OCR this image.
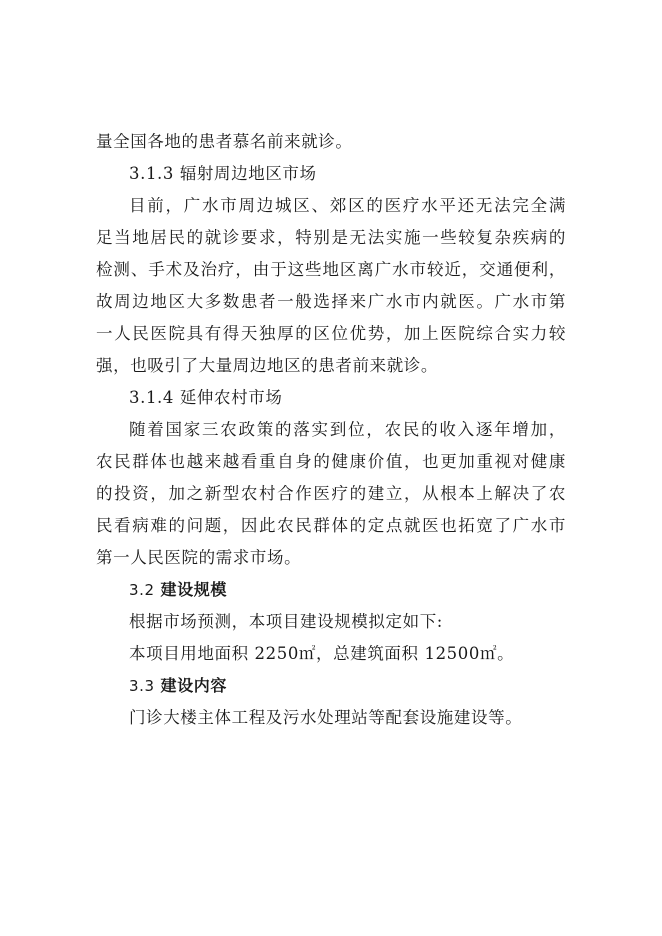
量全国各地的患者慕名前来就诊。
3.1.3 辐射周边地区市场
目前，广水市周边城区、郊区的医疗水平还无法完全满
足当地居民的就诊要求，特别是无法实施一些较复杂疾病的
检测、手术及治疗，由于这些地区离广水市较近，交通便利，
故周边地区大多数患者一般选择来广水市内就医。广水市第
一人民医院具有得天独厚的区位优势，加上医院综合实力较
强，也吸引了大量周边地区的患者前来就诊。
3.1.4 延伸农村市场
随着国家三农政策的落实到位，农民的收入逐年增加，
农民群体也越来越看重自身的健康价值，也更加重视对健康
的投资，加之新型农村合作医疗的建立，从根本上解决了农
民看病难的问题，因此农民群体的定点就医也拓宽了广水市
第一人民医院的需求市场。
3.2 建设规模
根据市场预测，本项目建设规模拟定如下:
本项目用地面积 2250㎡，总建筑面积 12500㎡。
3.3 建设内容
门诊大楼主体工程及污水处理站等配套设施建设等。
